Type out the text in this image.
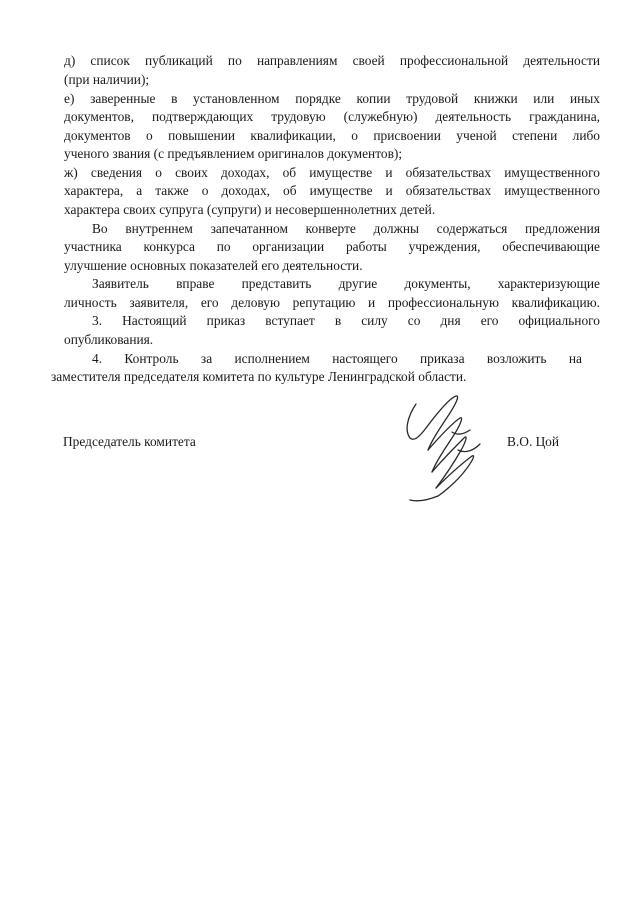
д) список публикаций по направлениям своей профессиональной деятельности
(при наличии);
е) заверенные в установленном порядке копии трудовой книжки или иных
документов, подтверждающих трудовую (служебную) деятельность гражданина,
документов о повышении квалификации, о присвоении ученой степени либо
ученого звания (с предъявлением оригиналов документов);
ж) сведения о своих доходах, об имуществе и обязательствах имущественного
характера, а также о доходах, об имуществе и обязательствах имущественного
характера своих супруга (супруги) и несовершеннолетних детей.
Во внутреннем запечатанном конверте должны содержаться предложения
участника конкурса по организации работы учреждения, обеспечивающие
улучшение основных показателей его деятельности.
Заявитель вправе представить другие документы, характеризующие
личность заявителя, его деловую репутацию и профессиональную квалификацию.
3. Настоящий приказ вступает в силу со дня его официального
опубликования.
4. Контроль за исполнением настоящего приказа возложить на
заместителя председателя комитета по культуре Ленинградской области.
Председатель комитета	В.О. Цой
